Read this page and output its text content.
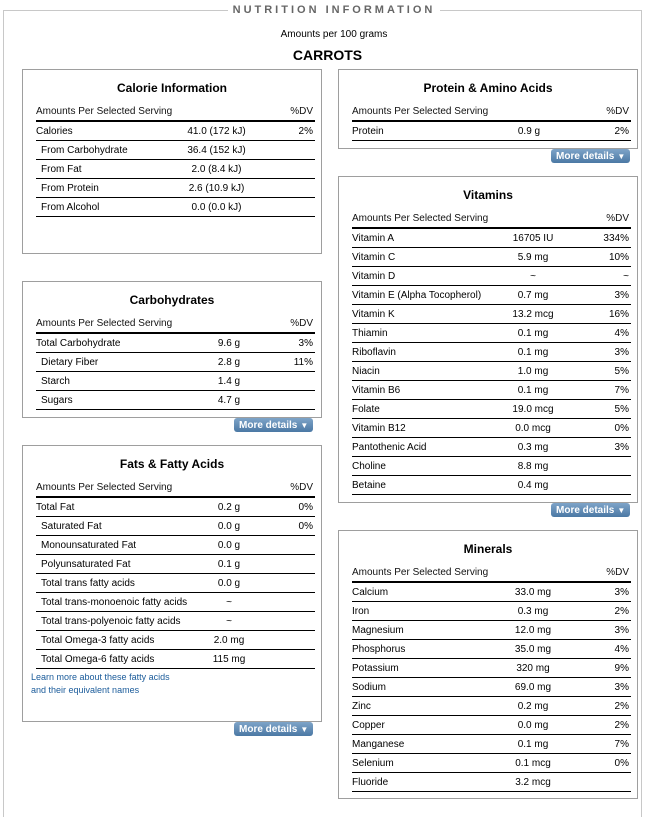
NUTRITION INFORMATION
Amounts per 100 grams
CARROTS
Calorie Information
Amounts Per Selected Serving	%DV
Calories	41.0 (172 kJ)	2%
From Carbohydrate	36.4 (152 kJ)
From Fat	2.0 (8.4 kJ)
From Protein	2.6 (10.9 kJ)
From Alcohol	0.0 (0.0 kJ)
Carbohydrates
Amounts Per Selected Serving	%DV
Total Carbohydrate	9.6 g	3%
Dietary Fiber	2.8 g	11%
Starch	1.4 g
Sugars	4.7 g
More details ▼
Fats & Fatty Acids
Amounts Per Selected Serving	%DV
Total Fat	0.2 g	0%
Saturated Fat	0.0 g	0%
Monounsaturated Fat	0.0 g
Polyunsaturated Fat	0.1 g
Total trans fatty acids	0.0 g
Total trans-monoenoic fatty acids	~
Total trans-polyenoic fatty acids	~
Total Omega-3 fatty acids	2.0 mg
Total Omega-6 fatty acids	115 mg
Learn more about these fatty acids
and their equivalent names
More details ▼
Protein & Amino Acids
Amounts Per Selected Serving	%DV
Protein	0.9 g	2%
More details ▼
Vitamins
Amounts Per Selected Serving	%DV
Vitamin A	16705 IU	334%
Vitamin C	5.9 mg	10%
Vitamin D	~	~
Vitamin E (Alpha Tocopherol)	0.7 mg	3%
Vitamin K	13.2 mcg	16%
Thiamin	0.1 mg	4%
Riboflavin	0.1 mg	3%
Niacin	1.0 mg	5%
Vitamin B6	0.1 mg	7%
Folate	19.0 mcg	5%
Vitamin B12	0.0 mcg	0%
Pantothenic Acid	0.3 mg	3%
Choline	8.8 mg
Betaine	0.4 mg
More details ▼
Minerals
Amounts Per Selected Serving	%DV
Calcium	33.0 mg	3%
Iron	0.3 mg	2%
Magnesium	12.0 mg	3%
Phosphorus	35.0 mg	4%
Potassium	320 mg	9%
Sodium	69.0 mg	3%
Zinc	0.2 mg	2%
Copper	0.0 mg	2%
Manganese	0.1 mg	7%
Selenium	0.1 mcg	0%
Fluoride	3.2 mcg
